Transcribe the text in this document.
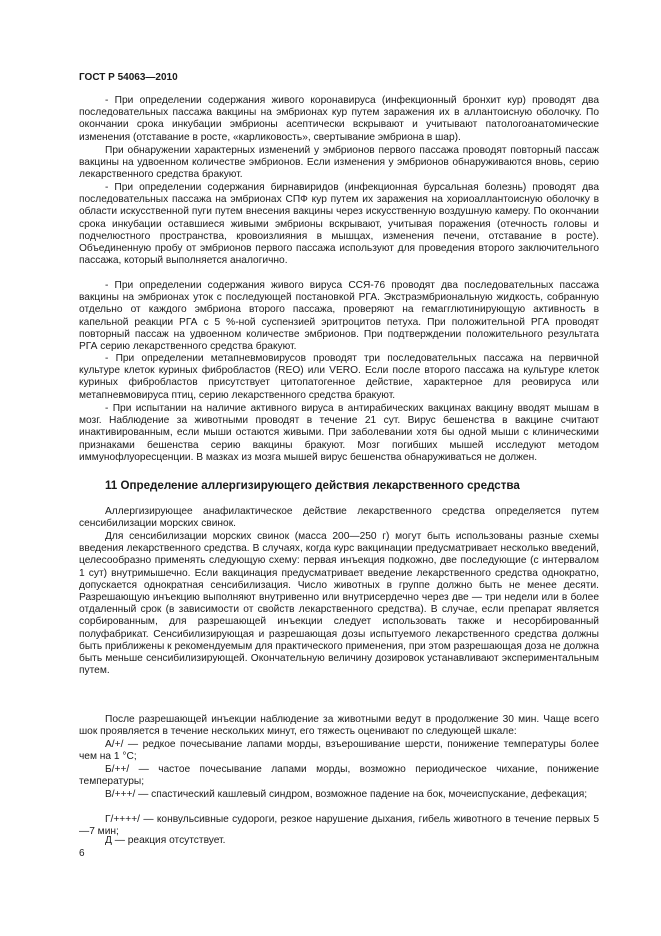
ГОСТ Р 54063—2010

- При определении содержания живого коронавируса (инфекционный бронхит кур) проводят два последовательных пассажа вакцины на эмбрионах кур путем заражения их в аллантоисную оболочку. По окончании срока инкубации эмбрионы асептически вскрывают и учитывают патологоанатомические изменения (отставание в росте, «карликовость», свертывание эмбриона в шар).

При обнаружении характерных изменений у эмбрионов первого пассажа проводят повторный пассаж вакцины на удвоенном количестве эмбрионов. Если изменения у эмбрионов обнаруживаются вновь, серию лекарственного средства бракуют.

- При определении содержания бирнавиридов (инфекционная бурсальная болезнь) проводят два последовательных пассажа на эмбрионах СПФ кур путем их заражения на хориоаллантоисную оболочку в области искусственной пуги путем внесения вакцины через искусственную воздушную камеру. По окончании срока инкубации оставшиеся живыми эмбрионы вскрывают, учитывая поражения (отечность головы и подчелюстного пространства, кровоизлияния в мышцах, изменения печени, отставание в росте). Объединенную пробу от эмбрионов первого пассажа используют для проведения второго заключительного пассажа, который выполняется аналогично.

- При определении содержания живого вируса ССЯ-76 проводят два последовательных пассажа вакцины на эмбрионах уток с последующей постановкой РГА. Экстраэмбриональную жидкость, собранную отдельно от каждого эмбриона второго пассажа, проверяют на гемагглютинирующую активность в капельной реакции РГА с 5 %-ной суспензией эритроцитов петуха. При положительной РГА проводят повторный пассаж на удвоенном количестве эмбрионов. При подтверждении положительного результата РГА серию лекарственного средства бракуют.

- При определении метапневмовирусов проводят три последовательных пассажа на первичной культуре клеток куриных фибробластов (REO) или VERO. Если после второго пассажа на культуре клеток куриных фибробластов присутствует цитопатогенное действие, характерное для реовируса или метапневмовируса птиц, серию лекарственного средства бракуют.

- При испытании на наличие активного вируса в антирабических вакцинах вакцину вводят мышам в мозг. Наблюдение за животными проводят в течение 21 сут. Вирус бешенства в вакцине считают инактивированным, если мыши остаются живыми. При заболевании хотя бы одной мыши с клиническими признаками бешенства серию вакцины бракуют. Мозг погибших мышей исследуют методом иммунофлуоресценции. В мазках из мозга мышей вирус бешенства обнаруживаться не должен.

11 Определение аллергизирующего действия лекарственного средства

Аллергизирующее анафилактическое действие лекарственного средства определяется путем сенсибилизации морских свинок.

Для сенсибилизации морских свинок (масса 200—250 г) могут быть использованы разные схемы введения лекарственного средства. В случаях, когда курс вакцинации предусматривает несколько введений, целесообразно применять следующую схему: первая инъекция подкожно, две последующие (с интервалом 1 сут) внутримышечно. Если вакцинация предусматривает введение лекарственного средства однократно, допускается однократная сенсибилизация. Число животных в группе должно быть не менее десяти. Разрешающую инъекцию выполняют внутривенно или внутрисердечно через две — три недели или в более отдаленный срок (в зависимости от свойств лекарственного средства). В случае, если препарат является сорбированным, для разрешающей инъекции следует использовать также и несорбированный полуфабрикат. Сенсибилизирующая и разрешающая дозы испытуемого лекарственного средства должны быть приближены к рекомендуемым для практического применения, при этом разрешающая доза не должна быть меньше сенсибилизирующей. Окончательную величину дозировок устанавливают экспериментальным путем.

После разрешающей инъекции наблюдение за животными ведут в продолжение 30 мин. Чаще всего шок проявляется в течение нескольких минут, его тяжесть оценивают по следующей шкале:

А/+/ — редкое почесывание лапами морды, взъерошивание шерсти, понижение температуры более чем на 1 °С;

Б/++/ — частое почесывание лапами морды, возможно периодическое чихание, понижение температуры;

В/+++/ — спастический кашлевый синдром, возможное падение на бок, мочеиспускание, дефекация;

Г/++++/ — конвульсивные судороги, резкое нарушение дыхания, гибель животного в течение первых 5—7 мин;

Д — реакция отсутствует.

6
